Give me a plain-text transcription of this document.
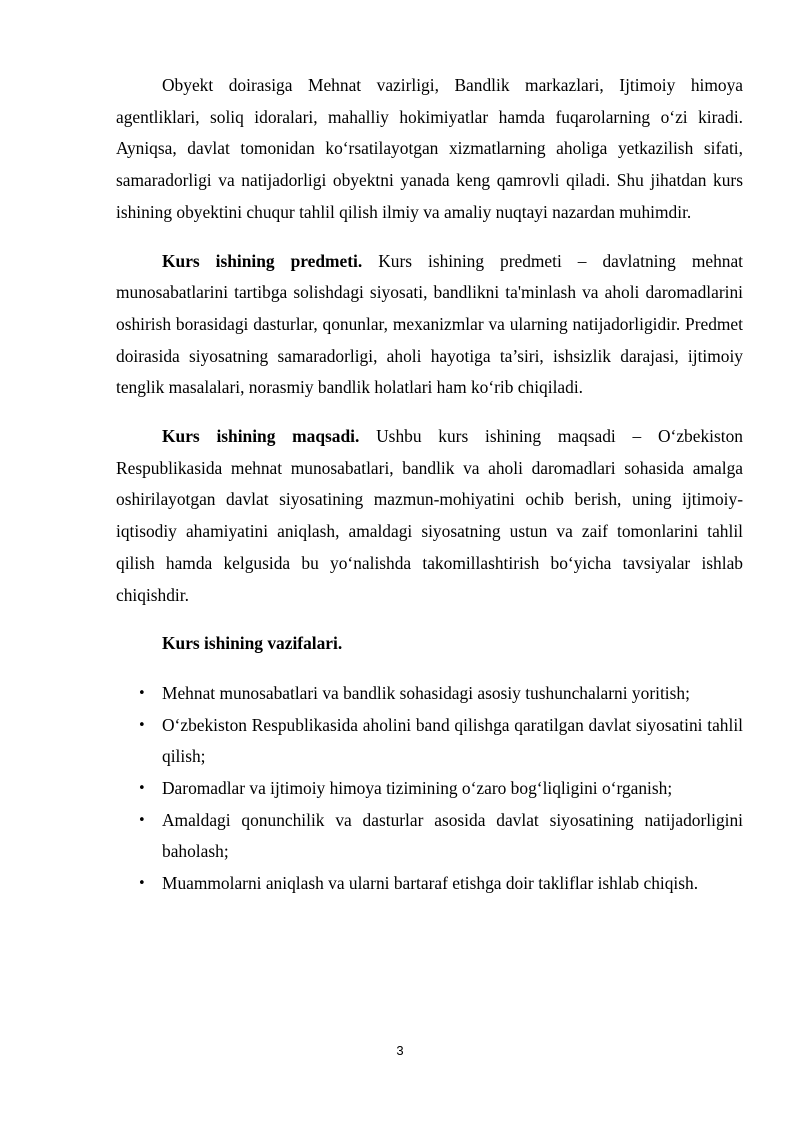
Obyekt doirasiga Mehnat vazirligi, Bandlik markazlari, Ijtimoiy himoya agentliklari, soliq idoralari, mahalliy hokimiyatlar hamda fuqarolarning o‘zi kiradi. Ayniqsa, davlat tomonidan ko‘rsatilayotgan xizmatlarning aholiga yetkazilish sifati, samaradorligi va natijadorligi obyektni yanada keng qamrovli qiladi. Shu jihatdan kurs ishining obyektini chuqur tahlil qilish ilmiy va amaliy nuqtayi nazardan muhimdir.

Kurs ishining predmeti. Kurs ishining predmeti – davlatning mehnat munosabatlarini tartibga solishdagi siyosati, bandlikni ta'minlash va aholi daromadlarini oshirish borasidagi dasturlar, qonunlar, mexanizmlar va ularning natijadorligidir. Predmet doirasida siyosatning samaradorligi, aholi hayotiga ta’siri, ishsizlik darajasi, ijtimoiy tenglik masalalari, norasmiy bandlik holatlari ham ko‘rib chiqiladi.

Kurs ishining maqsadi. Ushbu kurs ishining maqsadi – O‘zbekiston Respublikasida mehnat munosabatlari, bandlik va aholi daromadlari sohasida amalga oshirilayotgan davlat siyosatining mazmun-mohiyatini ochib berish, uning ijtimoiy-iqtisodiy ahamiyatini aniqlash, amaldagi siyosatning ustun va zaif tomonlarini tahlil qilish hamda kelgusida bu yo‘nalishda takomillashtirish bo‘yicha tavsiyalar ishlab chiqishdir.

Kurs ishining vazifalari.
• Mehnat munosabatlari va bandlik sohasidagi asosiy tushunchalarni yoritish;
• O‘zbekiston Respublikasida aholini band qilishga qaratilgan davlat siyosatini tahlil qilish;
• Daromadlar va ijtimoiy himoya tizimining o‘zaro bog‘liqligini o‘rganish;
• Amaldagi qonunchilik va dasturlar asosida davlat siyosatining natijadorligini baholash;
• Muammolarni aniqlash va ularni bartaraf etishga doir takliflar ishlab chiqish.
3
